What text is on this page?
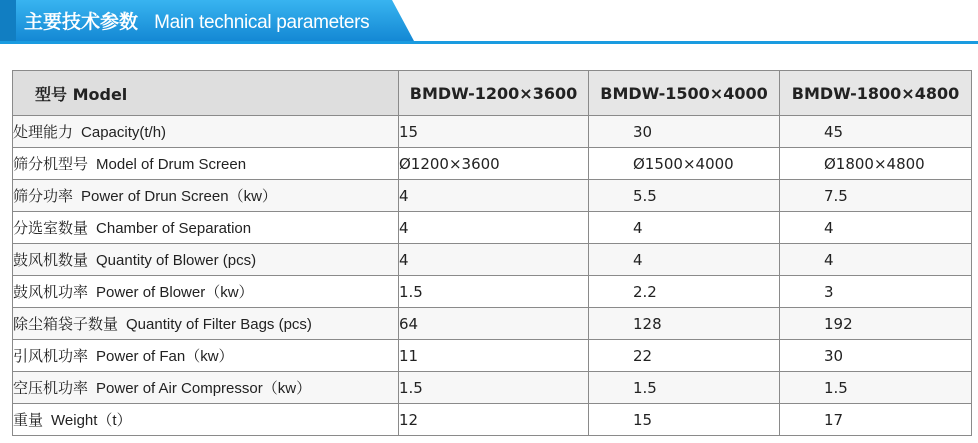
主要技术参数 Main technical parameters
型号 Model	BMDW-1200×3600	BMDW-1500×4000	BMDW-1800×4800
处理能力 Capacity(t/h)	15	30	45
筛分机型号 Model of Drum Screen	Ø1200×3600	Ø1500×4000	Ø1800×4800
筛分功率 Power of Drun Screen（kw）	4	5.5	7.5
分选室数量 Chamber of Separation	4	4	4
鼓风机数量 Quantity of Blower (pcs)	4	4	4
鼓风机功率 Power of Blower（kw）	1.5	2.2	3
除尘箱袋子数量 Quantity of Filter Bags (pcs)	64	128	192
引风机功率 Power of Fan（kw）	11	22	30
空压机功率 Power of Air Compressor（kw）	1.5	1.5	1.5
重量 Weight（t）	12	15	17
